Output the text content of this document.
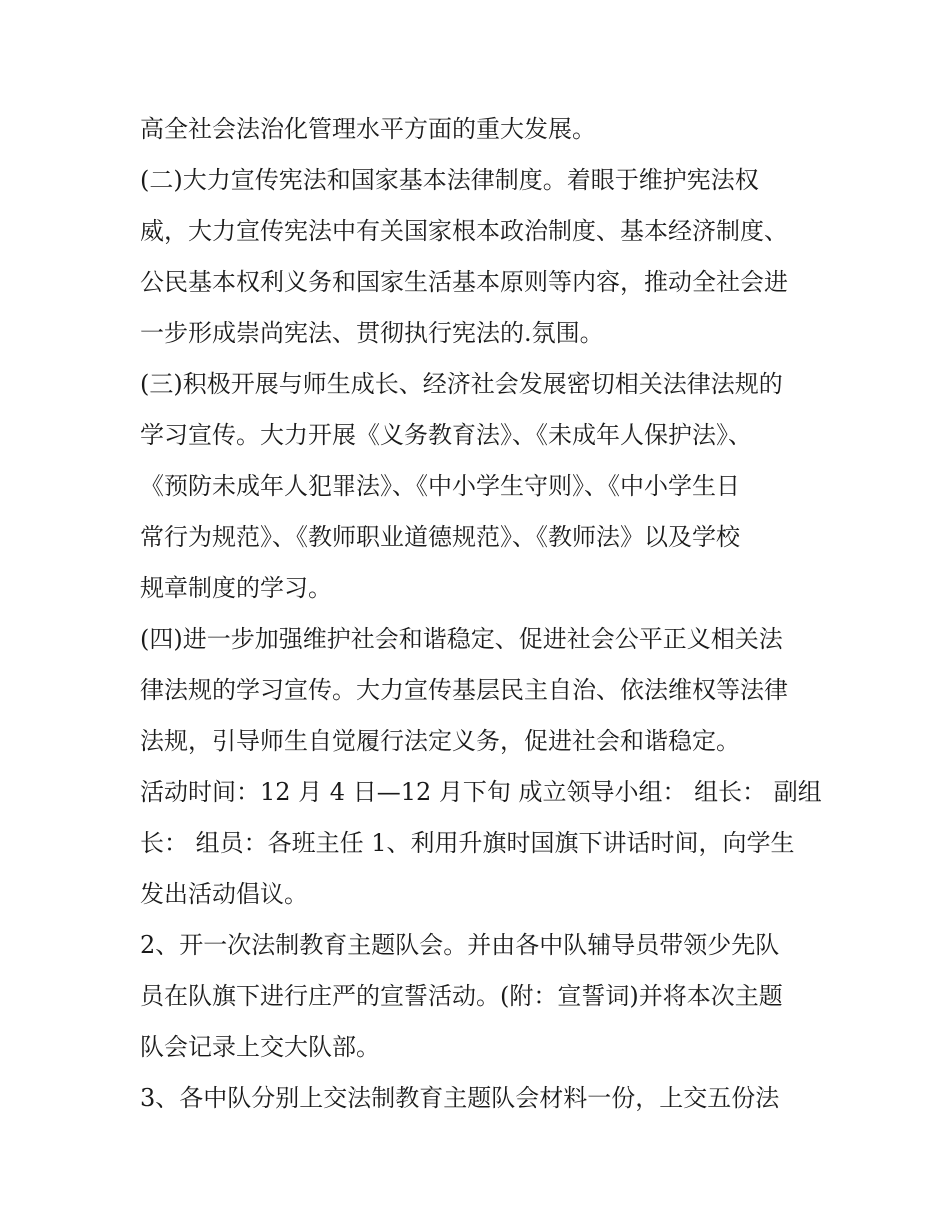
高全社会法治化管理水平方面的重大发展。
(二)大力宣传宪法和国家基本法律制度。着眼于维护宪法权
威，大力宣传宪法中有关国家根本政治制度、基本经济制度、
公民基本权利义务和国家生活基本原则等内容，推动全社会进
一步形成崇尚宪法、贯彻执行宪法的.氛围。
(三)积极开展与师生成长、经济社会发展密切相关法律法规的
学习宣传。大力开展《义务教育法》、《未成年人保护法》、
《预防未成年人犯罪法》、《中小学生守则》、《中小学生日
常行为规范》、《教师职业道德规范》、《教师法》以及学校
规章制度的学习。
(四)进一步加强维护社会和谐稳定、促进社会公平正义相关法
律法规的学习宣传。大力宣传基层民主自治、依法维权等法律
法规，引导师生自觉履行法定义务，促进社会和谐稳定。
活动时间：12 月 4 日—12 月下旬 成立领导小组： 组长： 副组
长： 组员：各班主任 1、利用升旗时国旗下讲话时间，向学生
发出活动倡议。
2、开一次法制教育主题队会。并由各中队辅导员带领少先队
员在队旗下进行庄严的宣誓活动。(附：宣誓词)并将本次主题
队会记录上交大队部。
3、各中队分别上交法制教育主题队会材料一份，上交五份法
